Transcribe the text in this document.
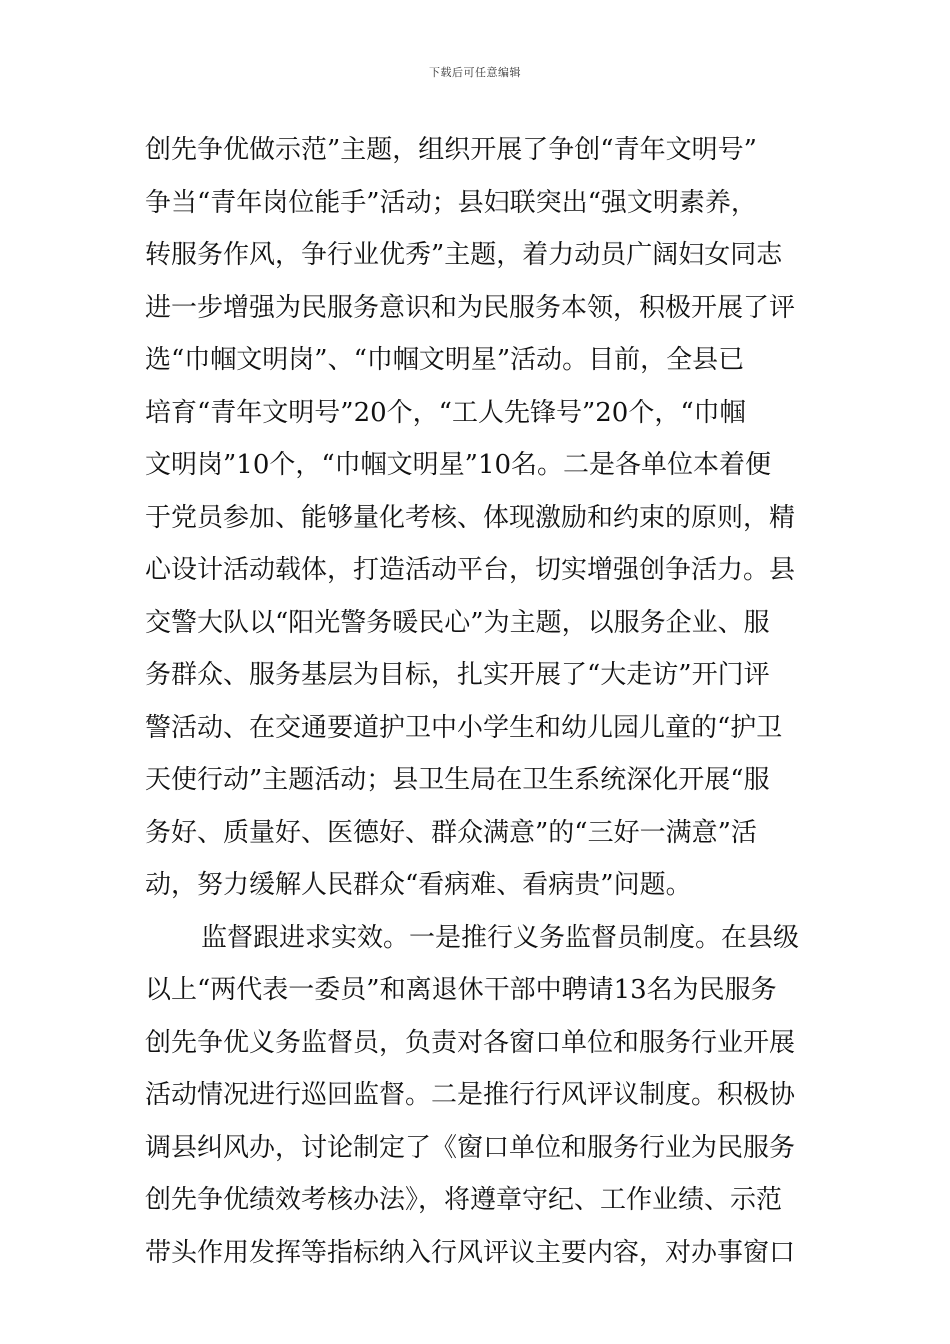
下载后可任意编辑
创先争优做示范”主题，组织开展了争创“青年文明号”
争当“青年岗位能手”活动；县妇联突出“强文明素养，
转服务作风，争行业优秀”主题，着力动员广阔妇女同志
进一步增强为民服务意识和为民服务本领，积极开展了评
选“巾帼文明岗”、“巾帼文明星”活动。目前，全县已
培育“青年文明号”20个，“工人先锋号”20个，“巾帼
文明岗”10个，“巾帼文明星”10名。二是各单位本着便
于党员参加、能够量化考核、体现激励和约束的原则，精
心设计活动载体，打造活动平台，切实增强创争活力。县
交警大队以“阳光警务暖民心”为主题，以服务企业、服
务群众、服务基层为目标，扎实开展了“大走访”开门评
警活动、在交通要道护卫中小学生和幼儿园儿童的“护卫
天使行动”主题活动；县卫生局在卫生系统深化开展“服
务好、质量好、医德好、群众满意”的“三好一满意”活
动，努力缓解人民群众“看病难、看病贵”问题。
监督跟进求实效。一是推行义务监督员制度。在县级
以上“两代表一委员”和离退休干部中聘请13名为民服务
创先争优义务监督员，负责对各窗口单位和服务行业开展
活动情况进行巡回监督。二是推行行风评议制度。积极协
调县纠风办，讨论制定了《窗口单位和服务行业为民服务
创先争优绩效考核办法》，将遵章守纪、工作业绩、示范
带头作用发挥等指标纳入行风评议主要内容，对办事窗口
